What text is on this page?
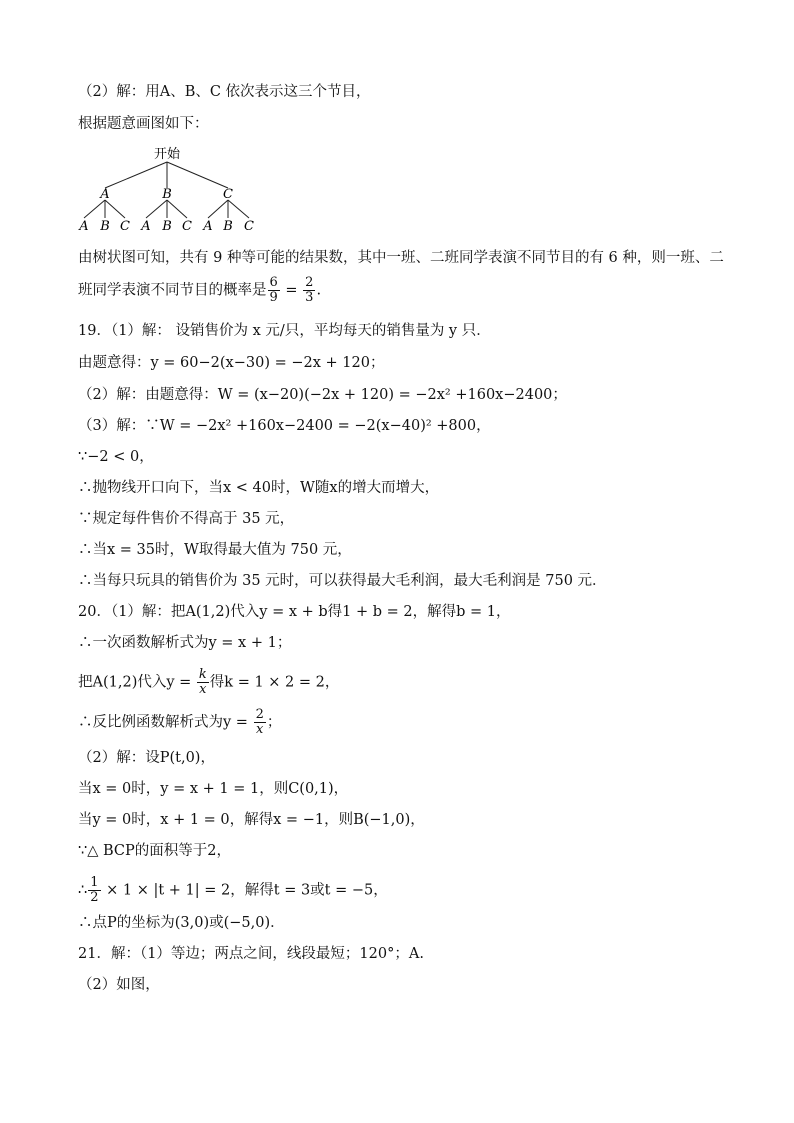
（2）解：用A、B、C 依次表示这三个节目，
根据题意画图如下：
开始
A	B	C
A B C A B C A B C
由树状图可知，共有 9 种等可能的结果数，其中一班、二班同学表演不同节目的有 6 种，则一班、二
班同学表演不同节目的概率是 $\frac{6}{9} = \frac{2}{3}$ .
19．（1）解： 设销售价为 x 元/只，平均每天的销售量为 y 只．
由题意得：y = 60−2(x−30) = −2x + 120；
（2）解：由题意得：W = (x−20)(−2x + 120) = −2x² +160x−2400；
（3）解：∵W = −2x² +160x−2400 = −2(x−40)² +800，
∵−2 < 0，
∴抛物线开口向下，当x < 40时，W随x的增大而增大，
∵规定每件售价不得高于 35 元，
∴当x = 35时，W取得最大值为 750 元，
∴当每只玩具的销售价为 35 元时，可以获得最大毛利润，最大毛利润是 750 元．
20．（1）解：把A(1,2)代入y = x + b得1 + b = 2，解得b = 1，
∴一次函数解析式为y = x + 1；
把A(1,2)代入$y = \frac{k}{x}$ 得k = 1 × 2 = 2，
∴反比例函数解析式为$y = \frac{2}{x}$ ；
（2）解：设P(t,0)，
当x = 0时，y = x + 1 = 1，则C(0,1)，
当y = 0时，x + 1 = 0，解得x = −1，则B(−1,0)，
∵△ BCP的面积等于2，
∴ $\frac{1}{2} \times 1 \times |t + 1| = 2$，解得t = 3或t = −5，
∴点P的坐标为(3,0)或(−5,0)．
21．解：（1）等边；两点之间，线段最短；120°；A.
（2）如图，
